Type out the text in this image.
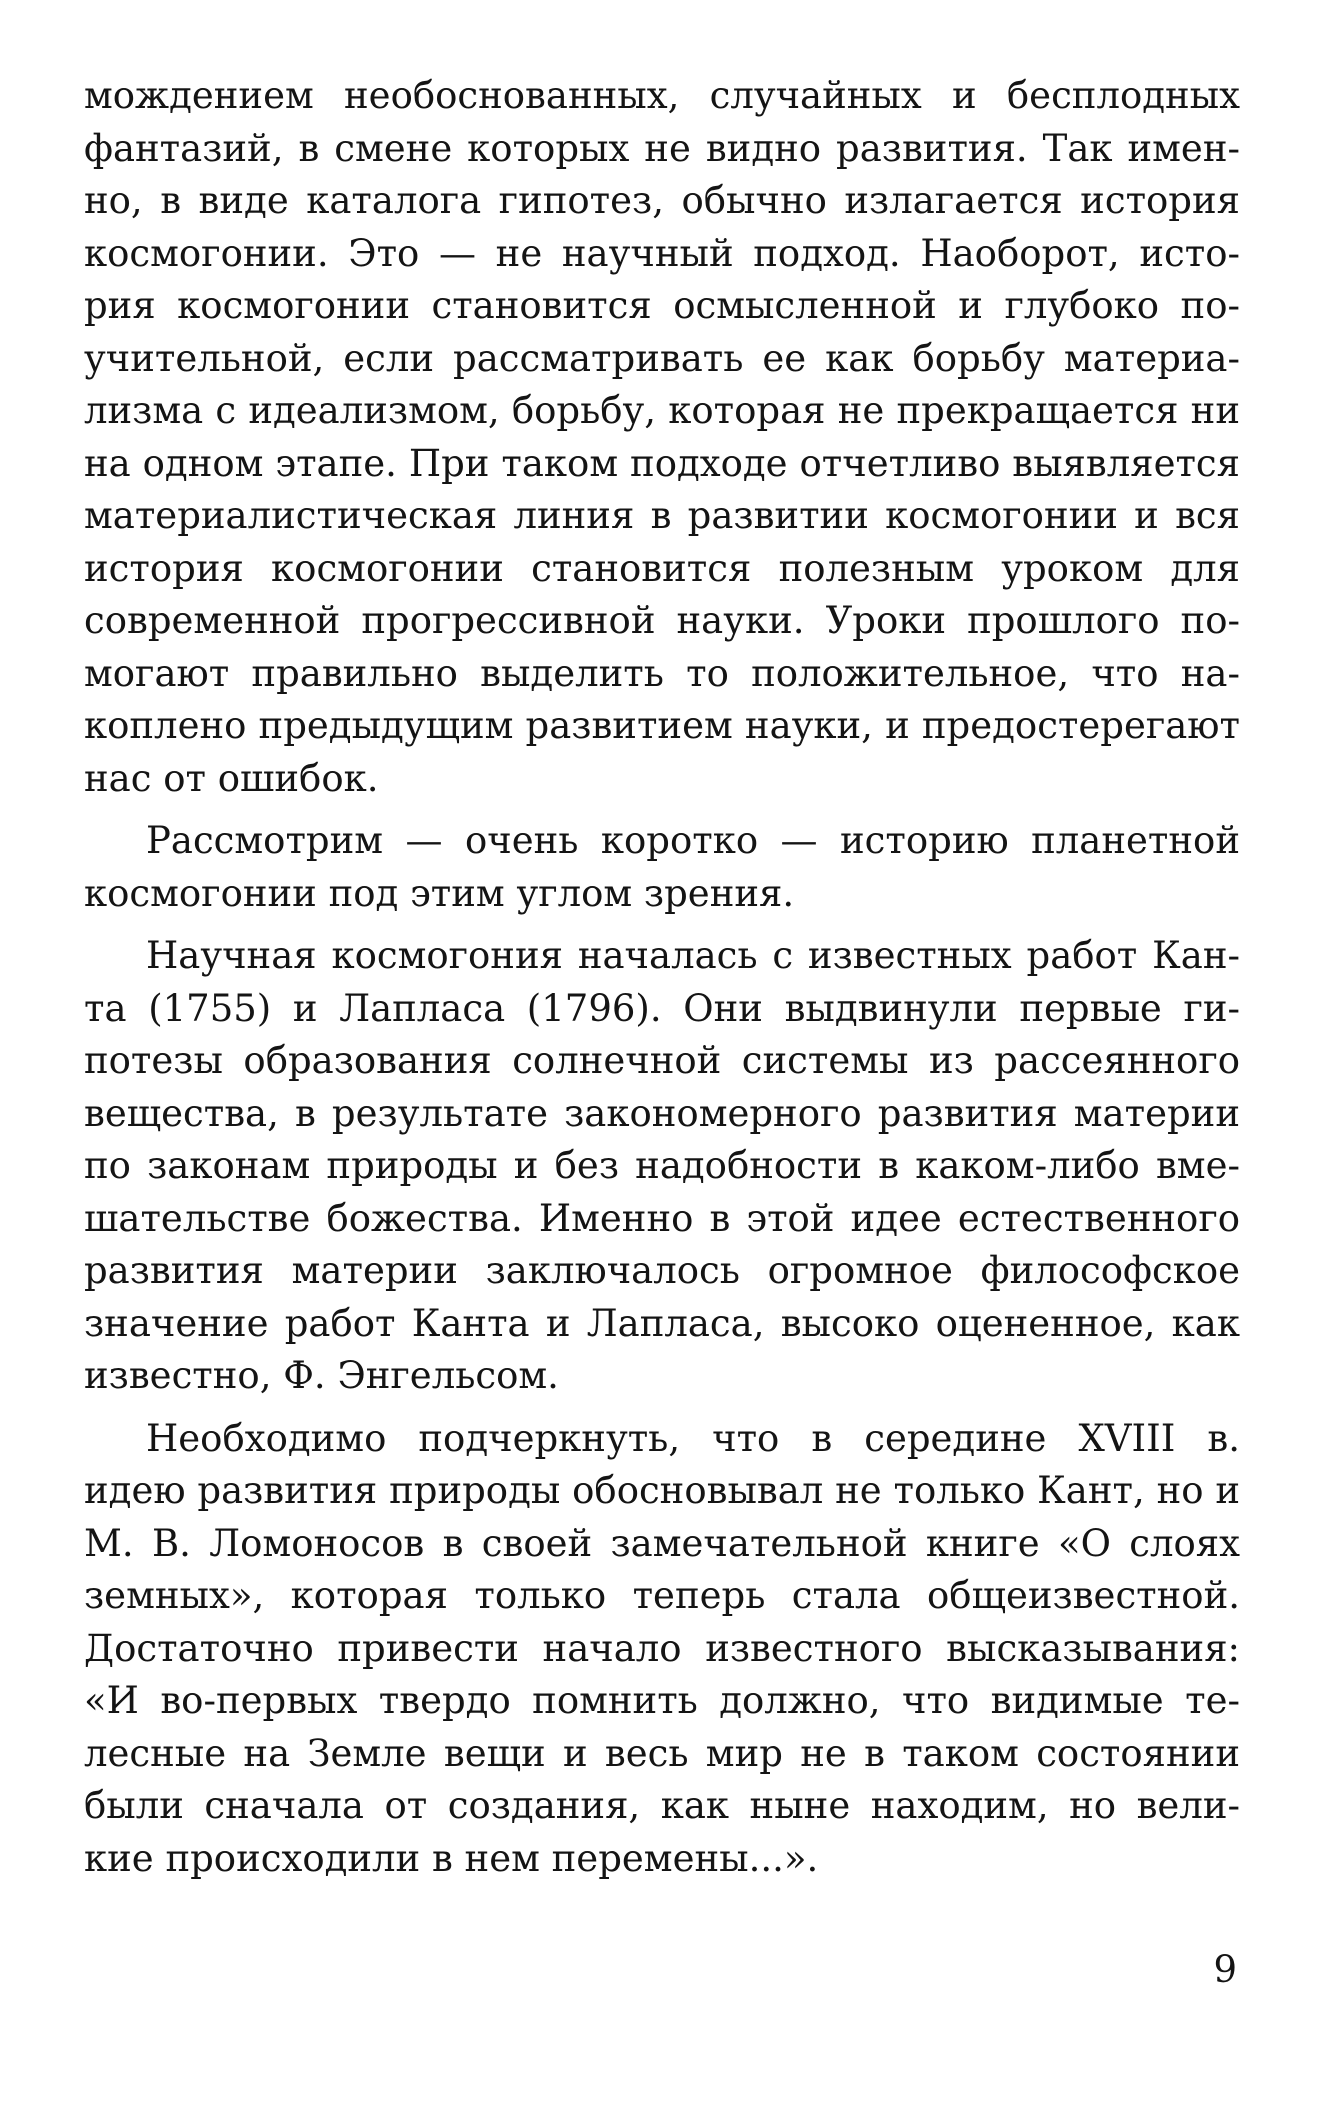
мождением необоснованных, случайных и бесплодных
фантазий, в смене которых не видно развития. Так имен-
но, в виде каталога гипотез, обычно излагается история
космогонии. Это — не научный подход. Наоборот, исто-
рия космогонии становится осмысленной и глубоко по-
учительной, если рассматривать ее как борьбу материа-
лизма с идеализмом, борьбу, которая не прекращается ни
на одном этапе. При таком подходе отчетливо выявляется
материалистическая линия в развитии космогонии и вся
история космогонии становится полезным уроком для
современной прогрессивной науки. Уроки прошлого по-
могают правильно выделить то положительное, что на-
коплено предыдущим развитием науки, и предостерегают
нас от ошибок.
Рассмотрим — очень коротко — историю планетной
космогонии под этим углом зрения.
Научная космогония началась с известных работ Кан-
та (1755) и Лапласа (1796). Они выдвинули первые ги-
потезы образования солнечной системы из рассеянного
вещества, в результате закономерного развития материи
по законам природы и без надобности в каком-либо вме-
шательстве божества. Именно в этой идее естественного
развития материи заключалось огромное философское
значение работ Канта и Лапласа, высоко оцененное, как
известно, Ф. Энгельсом.
Необходимо подчеркнуть, что в середине XVIII в.
идею развития природы обосновывал не только Кант, но и
М. В. Ломоносов в своей замечательной книге «О слоях
земных», которая только теперь стала общеизвестной.
Достаточно привести начало известного высказывания:
«И во-первых твердо помнить должно, что видимые те-
лесные на Земле вещи и весь мир не в таком состоянии
были сначала от создания, как ныне находим, но вели-
кие происходили в нем перемены...».
9
